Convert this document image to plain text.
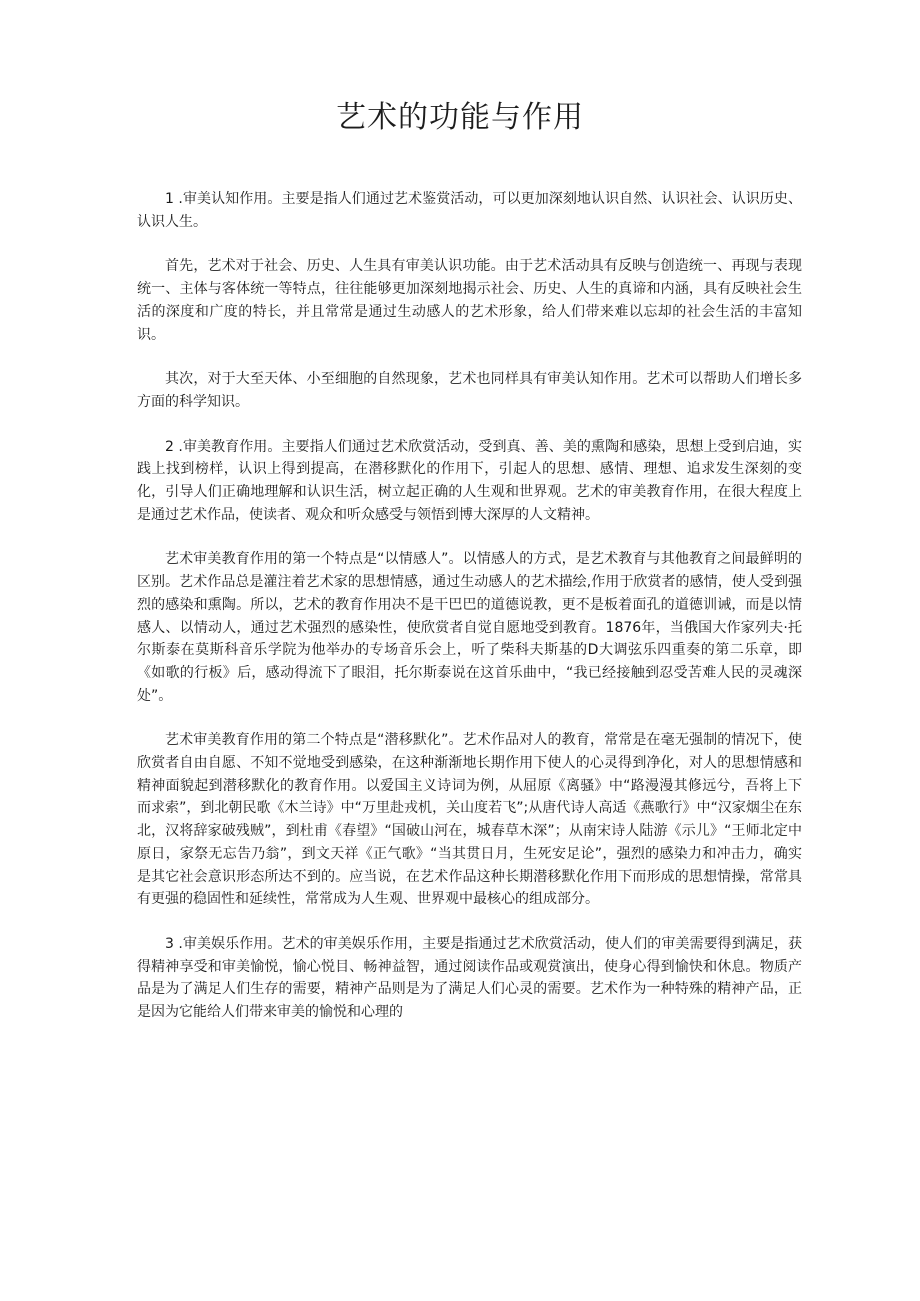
艺术的功能与作用

1 .审美认知作用。主要是指人们通过艺术鉴赏活动，可以更加深刻地认识自然、认识社会、认识历史、认识人生。

首先，艺术对于社会、历史、人生具有审美认识功能。由于艺术活动具有反映与创造统一、再现与表现统一、主体与客体统一等特点，往往能够更加深刻地揭示社会、历史、人生的真谛和内涵，具有反映社会生活的深度和广度的特长，并且常常是通过生动感人的艺术形象，给人们带来难以忘却的社会生活的丰富知识。

其次，对于大至天体、小至细胞的自然现象，艺术也同样具有审美认知作用。艺术可以帮助人们增长多方面的科学知识。

2 .审美教育作用。主要指人们通过艺术欣赏活动，受到真、善、美的熏陶和感染，思想上受到启迪，实践上找到榜样，认识上得到提高，在潜移默化的作用下，引起人的思想、感情、理想、追求发生深刻的变化，引导人们正确地理解和认识生活，树立起正确的人生观和世界观。艺术的审美教育作用，在很大程度上是通过艺术作品，使读者、观众和听众感受与领悟到博大深厚的人文精神。

艺术审美教育作用的第一个特点是“以情感人”。以情感人的方式，是艺术教育与其他教育之间最鲜明的区别。艺术作品总是灌注着艺术家的思想情感，通过生动感人的艺术描绘,作用于欣赏者的感情，使人受到强烈的感染和熏陶。所以，艺术的教育作用决不是干巴巴的道德说教，更不是板着面孔的道德训诫，而是以情感人、以情动人，通过艺术强烈的感染性，使欣赏者自觉自愿地受到教育。1876年，当俄国大作家列夫·托尔斯泰在莫斯科音乐学院为他举办的专场音乐会上，听了柴科夫斯基的D大调弦乐四重奏的第二乐章，即《如歌的行板》后，感动得流下了眼泪，托尔斯泰说在这首乐曲中，“我已经接触到忍受苦难人民的灵魂深处”。

艺术审美教育作用的第二个特点是“潜移默化”。艺术作品对人的教育，常常是在毫无强制的情况下，使欣赏者自由自愿、不知不觉地受到感染，在这种渐渐地长期作用下使人的心灵得到净化，对人的思想情感和精神面貌起到潜移默化的教育作用。以爱国主义诗词为例，从屈原《离骚》中“路漫漫其修远兮，吾将上下而求索”，到北朝民歌《木兰诗》中“万里赴戎机，关山度若飞”;从唐代诗人高适《燕歌行》中“汉家烟尘在东北，汉将辞家破残贼”，到杜甫《春望》“国破山河在，城春草木深”；从南宋诗人陆游《示儿》“王师北定中原日，家祭无忘告乃翁”，到文天祥《正气歌》“当其贯日月，生死安足论”，强烈的感染力和冲击力，确实是其它社会意识形态所达不到的。应当说，在艺术作品这种长期潜移默化作用下而形成的思想情操，常常具有更强的稳固性和延续性，常常成为人生观、世界观中最核心的组成部分。

3 .审美娱乐作用。艺术的审美娱乐作用，主要是指通过艺术欣赏活动，使人们的审美需要得到满足，获得精神享受和审美愉悦，愉心悦目、畅神益智，通过阅读作品或观赏演出，使身心得到愉快和休息。物质产品是为了满足人们生存的需要，精神产品则是为了满足人们心灵的需要。艺术作为一种特殊的精神产品，正是因为它能给人们带来审美的愉悦和心理的
